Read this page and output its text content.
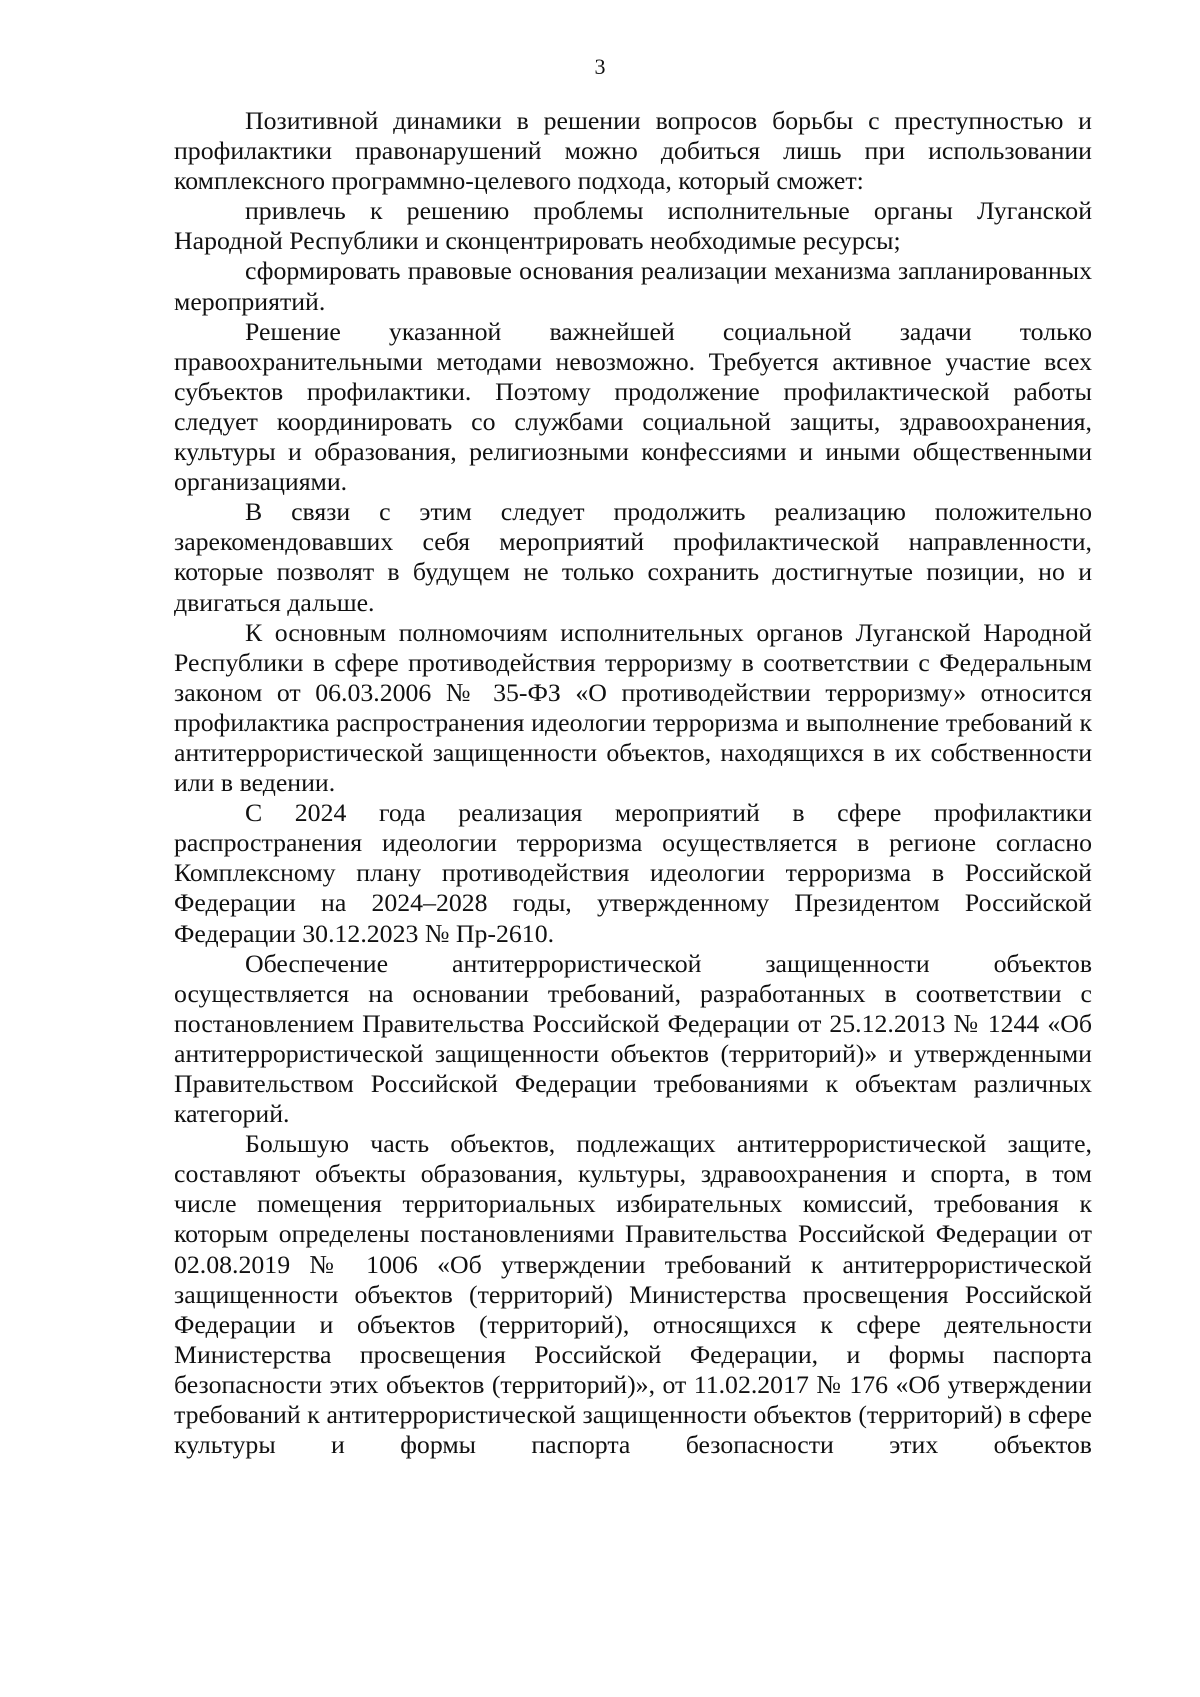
3

Позитивной динамики в решении вопросов борьбы с преступностью и профилактики правонарушений можно добиться лишь при использовании комплексного программно-целевого подхода, который сможет:

привлечь к решению проблемы исполнительные органы Луганской Народной Республики и сконцентрировать необходимые ресурсы;

сформировать правовые основания реализации механизма запланированных мероприятий.

Решение указанной важнейшей социальной задачи только правоохранительными методами невозможно. Требуется активное участие всех субъектов профилактики. Поэтому продолжение профилактической работы следует координировать со службами социальной защиты, здравоохранения, культуры и образования, религиозными конфессиями и иными общественными организациями.

В связи с этим следует продолжить реализацию положительно зарекомендовавших себя мероприятий профилактической направленности, которые позволят в будущем не только сохранить достигнутые позиции, но и двигаться дальше.

К основным полномочиям исполнительных органов Луганской Народной Республики в сфере противодействия терроризму в соответствии с Федеральным законом от 06.03.2006 № 35-ФЗ «О противодействии терроризму» относится профилактика распространения идеологии терроризма и выполнение требований к антитеррористической защищенности объектов, находящихся в их собственности или в ведении.

С 2024 года реализация мероприятий в сфере профилактики распространения идеологии терроризма осуществляется в регионе согласно Комплексному плану противодействия идеологии терроризма в Российской Федерации на 2024–2028 годы, утвержденному Президентом Российской Федерации 30.12.2023 № Пр-2610.

Обеспечение антитеррористической защищенности объектов осуществляется на основании требований, разработанных в соответствии с постановлением Правительства Российской Федерации от 25.12.2013 № 1244 «Об антитеррористической защищенности объектов (территорий)» и утвержденными Правительством Российской Федерации требованиями к объектам различных категорий.

Большую часть объектов, подлежащих антитеррористической защите, составляют объекты образования, культуры, здравоохранения и спорта, в том числе помещения территориальных избирательных комиссий, требования к которым определены постановлениями Правительства Российской Федерации от 02.08.2019 № 1006 «Об утверждении требований к антитеррористической защищенности объектов (территорий) Министерства просвещения Российской Федерации и объектов (территорий), относящихся к сфере деятельности Министерства просвещения Российской Федерации, и формы паспорта безопасности этих объектов (территорий)», от 11.02.2017 № 176 «Об утверждении требований к антитеррористической защищенности объектов (территорий) в сфере культуры и формы паспорта безопасности этих объектов
